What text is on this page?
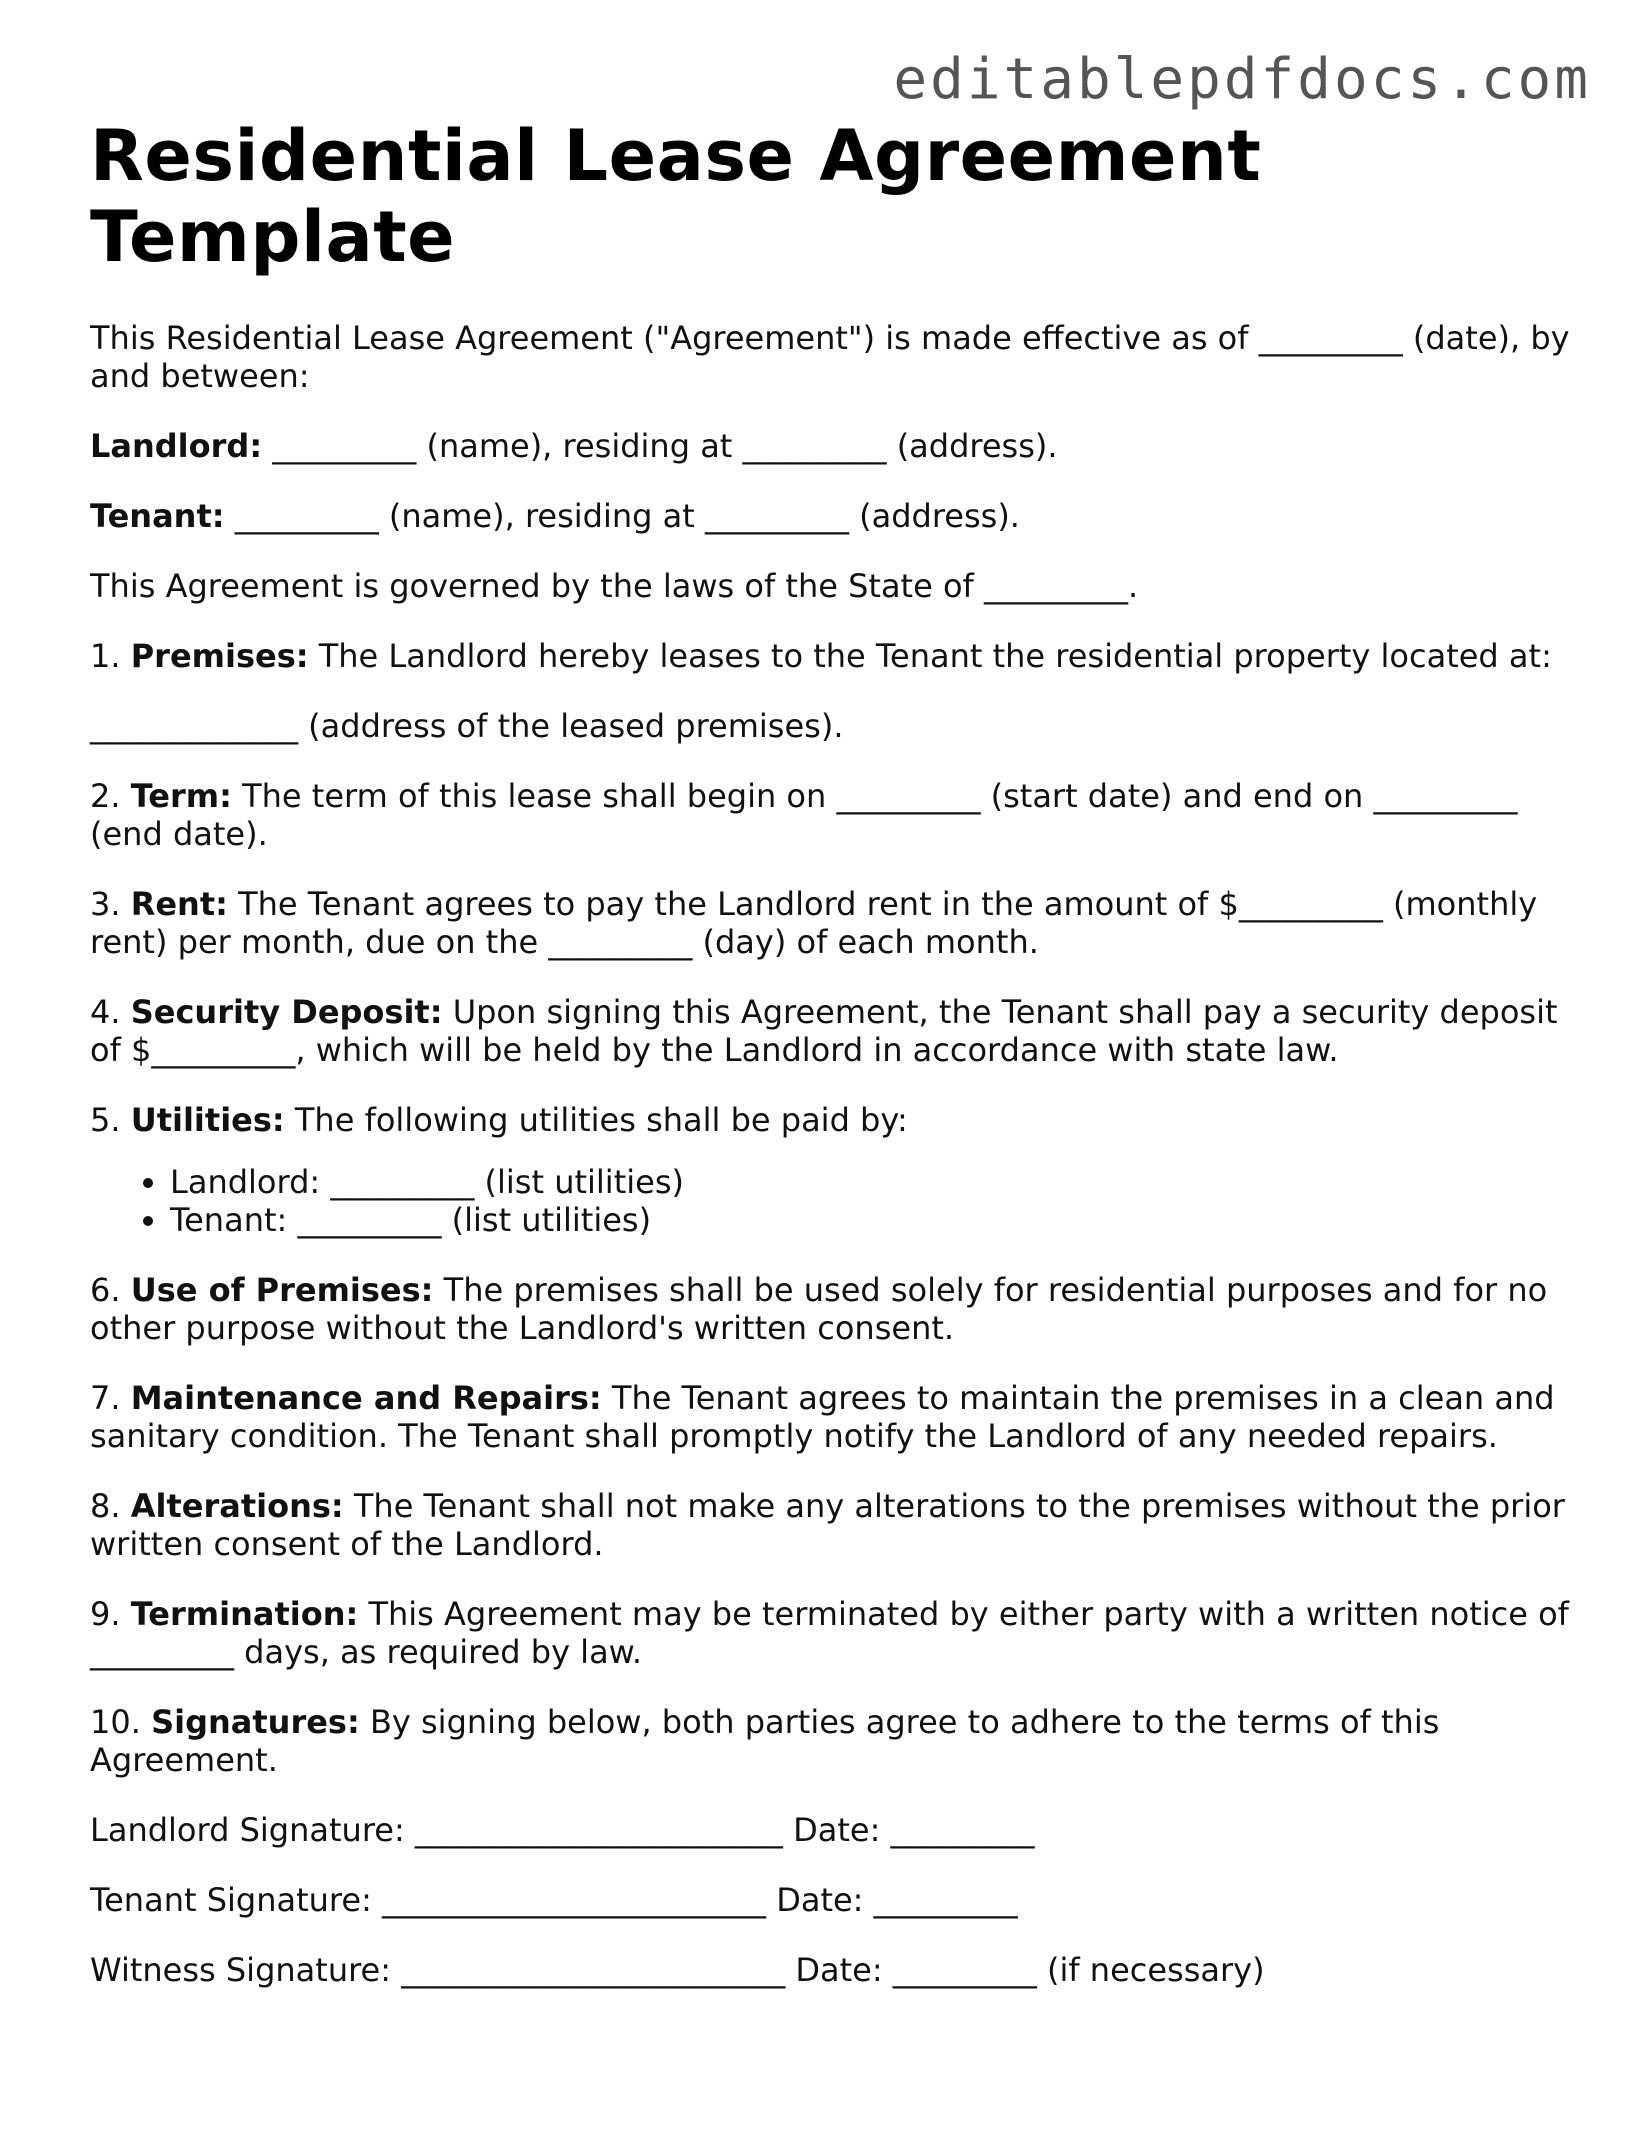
editablepdfdocs.com
Residential Lease Agreement Template

This Residential Lease Agreement ("Agreement") is made effective as of _________ (date), by and between:

Landlord: _________ (name), residing at _________ (address).

Tenant: _________ (name), residing at _________ (address).

This Agreement is governed by the laws of the State of _________.

1. Premises: The Landlord hereby leases to the Tenant the residential property located at:

_____________ (address of the leased premises).

2. Term: The term of this lease shall begin on _________ (start date) and end on _________ (end date).

3. Rent: The Tenant agrees to pay the Landlord rent in the amount of $_________ (monthly rent) per month, due on the _________ (day) of each month.

4. Security Deposit: Upon signing this Agreement, the Tenant shall pay a security deposit of $_________, which will be held by the Landlord in accordance with state law.

5. Utilities: The following utilities shall be paid by:

• Landlord: _________ (list utilities)
• Tenant: _________ (list utilities)

6. Use of Premises: The premises shall be used solely for residential purposes and for no other purpose without the Landlord's written consent.

7. Maintenance and Repairs: The Tenant agrees to maintain the premises in a clean and sanitary condition. The Tenant shall promptly notify the Landlord of any needed repairs.

8. Alterations: The Tenant shall not make any alterations to the premises without the prior written consent of the Landlord.

9. Termination: This Agreement may be terminated by either party with a written notice of _________ days, as required by law.

10. Signatures: By signing below, both parties agree to adhere to the terms of this Agreement.

Landlord Signature: _______________________ Date: _________

Tenant Signature: ________________________ Date: _________

Witness Signature: ________________________ Date: _________ (if necessary)
